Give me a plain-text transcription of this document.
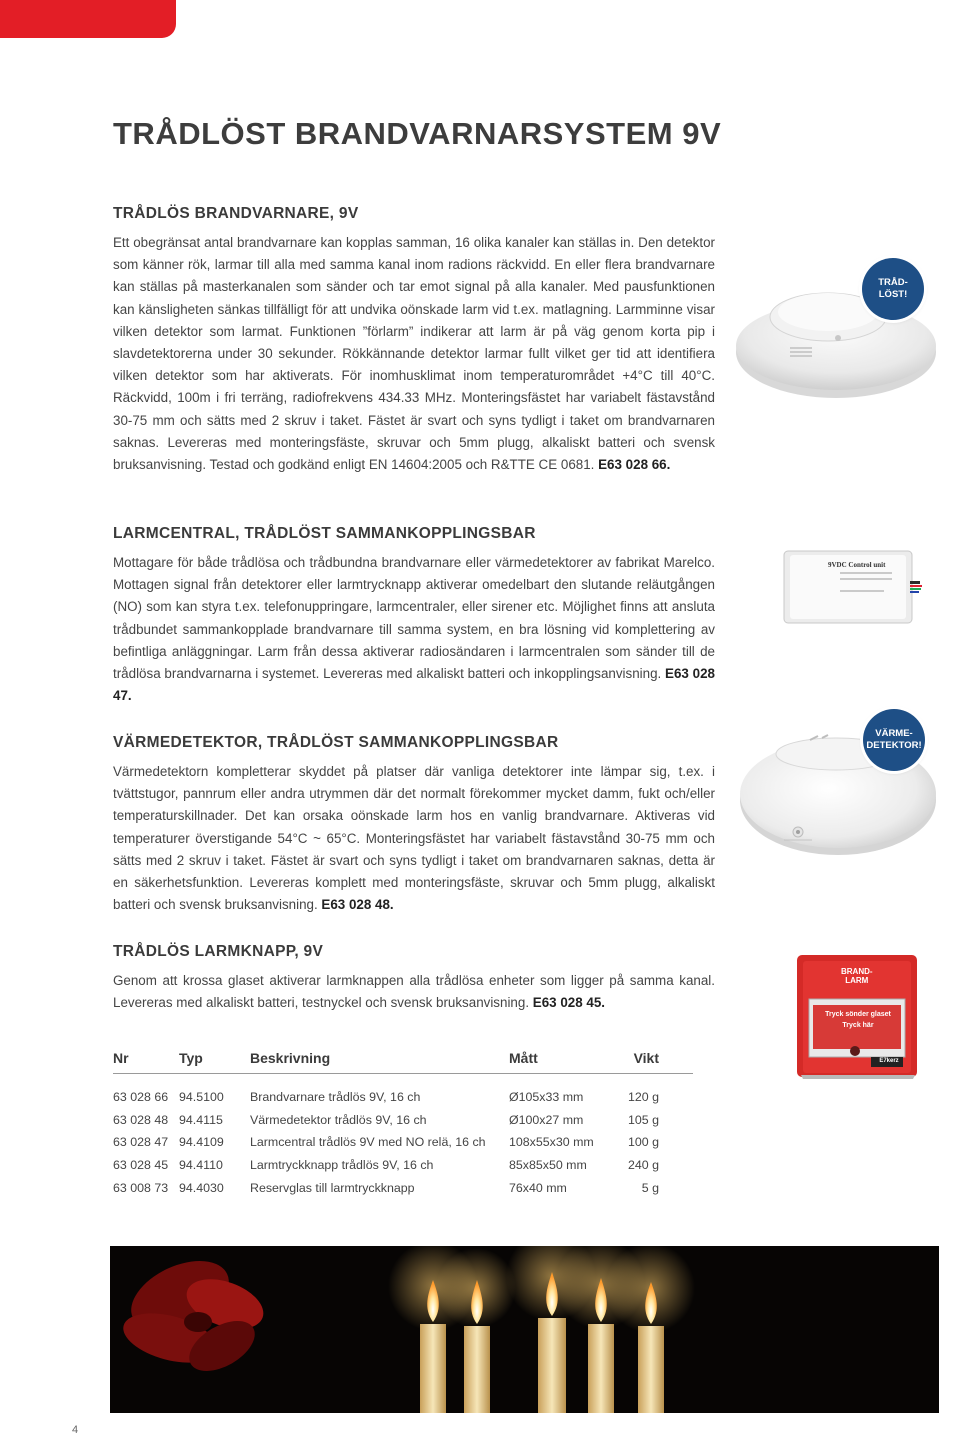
TRÅDLÖST BRANDVARNARSYSTEM 9V
TRÅDLÖS BRANDVARNARE, 9V

Ett obegränsat antal brandvarnare kan kopplas samman, 16 olika kanaler kan ställas in. Den detektor som känner rök, larmar till alla med samma kanal inom radions räckvidd. En eller flera brandvarnare kan ställas på masterkanalen som sänder och tar emot signal på alla kanaler. Med pausfunktionen kan känsligheten sänkas tillfälligt för att undvika oönskade larm vid t.ex. matlagning. Larmminne visar vilken detektor som larmat. Funktionen ”förlarm” indikerar att larm är på väg genom korta pip i slavdetektorerna under 30 sekunder. Rökkännande detektor larmar fullt vilket ger tid att identifiera vilken detektor som har aktiverats. För inomhusklimat inom temperaturområdet +4°C till 40°C. Räckvidd, 100m i fri terräng, radiofrekvens 434.33 MHz. Monteringsfästet har variabelt fästavstånd 30-75 mm och sätts med 2 skruv i taket. Fästet är svart och syns tydligt i taket om brandvarnaren saknas. Levereras med monteringsfäste, skruvar och 5mm plugg, alkaliskt batteri och svensk bruksanvisning. Testad och godkänd enligt EN 14604:2005 och R&TTE CE 0681. E63 028 66.

LARMCENTRAL, TRÅDLÖST SAMMANKOPPLINGSBAR

Mottagare för både trådlösa och trådbundna brandvarnare eller värmedetektorer av fabrikat Marelco. Mottagen signal från detektorer eller larmtrycknapp aktiverar omedelbart den slutande reläutgången (NO) som kan styra t.ex. telefonuppringare, larmcentraler, eller sirener etc. Möjlighet finns att ansluta trådbundet sammankopplade brandvarnare till samma system, en bra lösning vid komplettering av befintliga anläggningar. Larm från dessa aktiverar radiosändaren i larmcentralen som sänder till de trådlösa brandvarnarna i systemet. Levereras med alkaliskt batteri och inkopplingsanvisning. E63 028 47.

VÄRMEDETEKTOR, TRÅDLÖST SAMMANKOPPLINGSBAR

Värmedetektorn kompletterar skyddet på platser där vanliga detektorer inte lämpar sig, t.ex. i tvättstugor, pannrum eller andra utrymmen där det normalt förekommer mycket damm, fukt och/eller temperaturskillnader. Det kan orsaka oönskade larm hos en vanlig brandvarnare. Aktiveras vid temperaturer överstigande 54°C ~ 65°C. Monteringsfästet har variabelt fästavstånd 30-75 mm och sätts med 2 skruv i taket. Fästet är svart och syns tydligt i taket om brandvarnaren saknas, detta är en säkerhetsfunktion. Levereras komplett med monteringsfäste, skruvar och 5mm plugg, alkaliskt batteri och svensk bruksanvisning. E63 028 48.

TRÅDLÖS LARMKNAPP, 9V

Genom att krossa glaset aktiverar larmknappen alla trådlösa enheter som ligger på samma kanal. Levereras med alkaliskt batteri, testnyckel och svensk bruksanvisning. E63 028 45.

TRÅD-
LÖST!
9VDC Control unit
VÄRME-
DETEKTOR!
BRAND-
LARM
Tryck sönder glaset
Tryck här
E7kerz
Nr	Typ	Beskrivning	Mått	Vikt

63 028 66	94.5100	Brandvarnare trådlös 9V, 16 ch	Ø105x33 mm	120 g
63 028 48	94.4115	Värmedetektor trådlös 9V, 16 ch	Ø100x27 mm	105 g
63 028 47	94.4109	Larmcentral trådlös 9V med NO relä, 16 ch	108x55x30 mm	100 g
63 028 45	94.4110	Larmtryckknapp trådlös 9V, 16 ch	85x85x50 mm	240 g
63 008 73	94.4030	Reservglas till larmtryckknapp	76x40 mm	5 g
4
